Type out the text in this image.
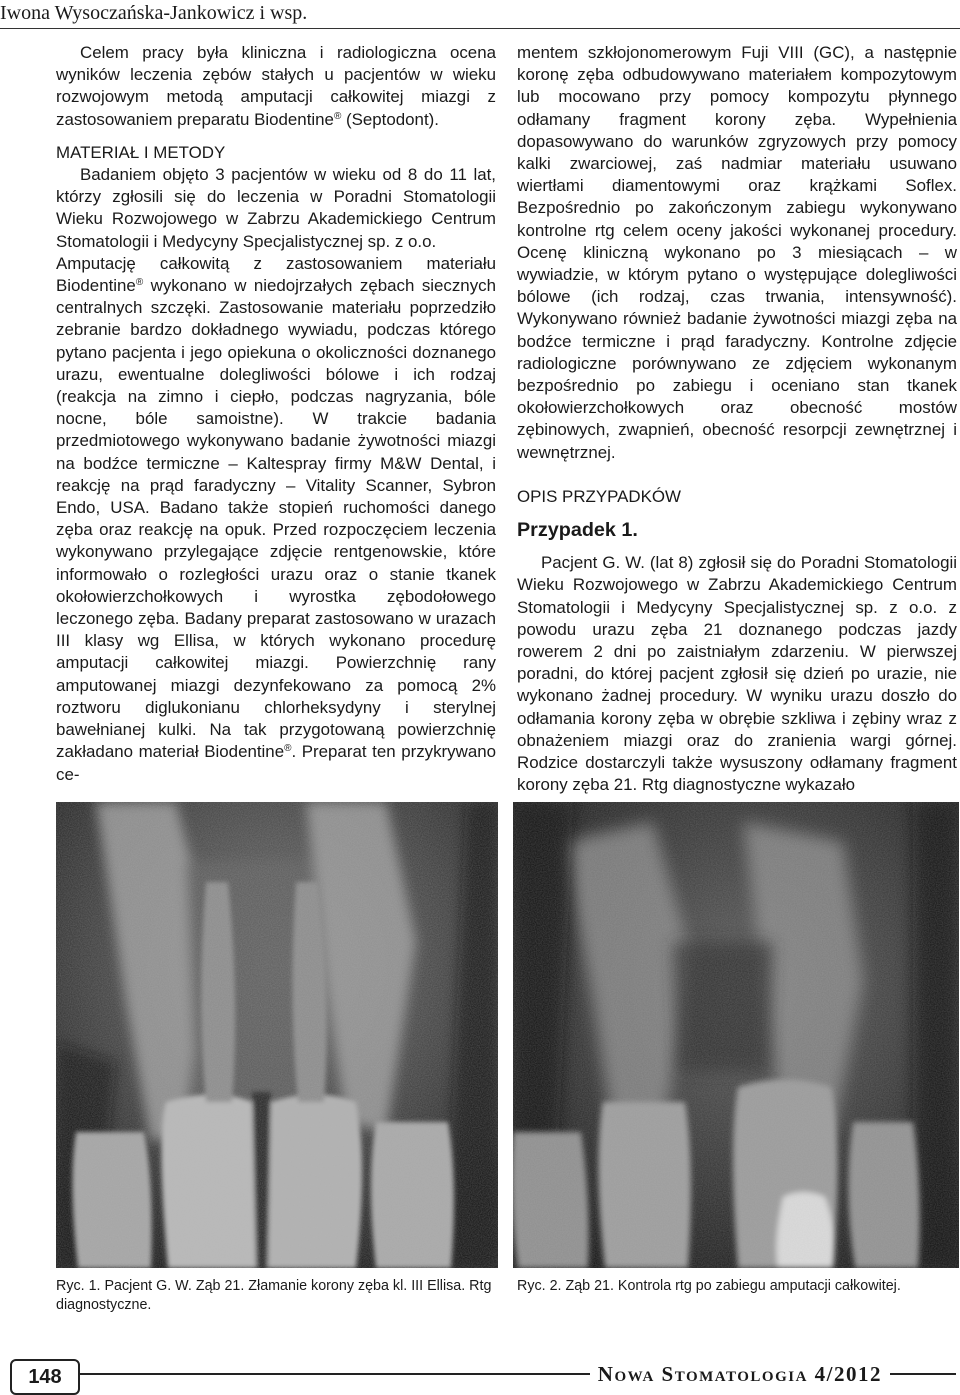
Iwona Wysoczańska-Jankowicz i wsp.

Celem pracy była kliniczna i radiologiczna ocena wyników leczenia zębów stałych u pacjentów w wieku rozwojowym metodą amputacji całkowitej miazgi z zastosowaniem preparatu Biodentine® (Septodont).

MATERIAŁ I METODY

Badaniem objęto 3 pacjentów w wieku od 8 do 11 lat, którzy zgłosili się do leczenia w Poradni Stomatologii Wieku Rozwojowego w Zabrzu Akademickiego Centrum Stomatologii i Medycyny Specjalistycznej sp. z o.o.

Amputację całkowitą z zastosowaniem materiału Biodentine® wykonano w niedojrzałych zębach siecznych centralnych szczęki. Zastosowanie materiału poprzedziło zebranie bardzo dokładnego wywiadu, podczas którego pytano pacjenta i jego opiekuna o okoliczności doznanego urazu, ewentualne dolegliwości bólowe i ich rodzaj (reakcja na zimno i ciepło, podczas nagryzania, bóle nocne, bóle samoistne). W trakcie badania przedmiotowego wykonywano badanie żywotności miazgi na bodźce termiczne – Kaltespray firmy M&W Dental, i reakcję na prąd faradyczny – Vitality Scanner, Sybron Endo, USA. Badano także stopień ruchomości danego zęba oraz reakcję na opuk. Przed rozpoczęciem leczenia wykonywano przylegające zdjęcie rentgenowskie, które informowało o rozległości urazu oraz o stanie tkanek okołowierzchołkowych i wyrostka zębodołowego leczonego zęba. Badany preparat zastosowano w urazach III klasy wg Ellisa, w których wykonano procedurę amputacji całkowitej miazgi. Powierzchnię rany amputowanej miazgi dezynfekowano za pomocą 2% roztworu diglukonianu chlorheksydyny i sterylnej bawełnianej kulki. Na tak przygotowaną powierzchnię zakładano materiał Biodentine®. Preparat ten przykrywano ce-

mentem szkłojonomerowym Fuji VIII (GC), a następnie koronę zęba odbudowywano materiałem kompozytowym lub mocowano przy pomocy kompozytu płynnego odłamany fragment korony zęba. Wypełnienia dopasowywano do warunków zgryzowych przy pomocy kalki zwarciowej, zaś nadmiar materiału usuwano wiertłami diamentowymi oraz krążkami Soflex. Bezpośrednio po zakończonym zabiegu wykonywano kontrolne rtg celem oceny jakości wykonanej procedury. Ocenę kliniczną wykonano po 3 miesiącach – w wywiadzie, w którym pytano o występujące dolegliwości bólowe (ich rodzaj, czas trwania, intensywność). Wykonywano również badanie żywotności miazgi zęba na bodźce termiczne i prąd faradyczny. Kontrolne zdjęcie radiologiczne porównywano ze zdjęciem wykonanym bezpośrednio po zabiegu i oceniano stan tkanek okołowierzchołkowych oraz obecność mostów zębinowych, zwapnień, obecność resorpcji zewnętrznej i wewnętrznej.

OPIS PRZYPADKÓW
Przypadek 1.

Pacjent G. W. (lat 8) zgłosił się do Poradni Stomatologii Wieku Rozwojowego w Zabrzu Akademickiego Centrum Stomatologii i Medycyny Specjalistycznej sp. z o.o. z powodu urazu zęba 21 doznanego podczas jazdy rowerem 2 dni po zaistniałym zdarzeniu. W pierwszej poradni, do której pacjent zgłosił się dzień po urazie, nie wykonano żadnej procedury. W wyniku urazu doszło do odłamania korony zęba w obrębie szkliwa i zębiny wraz z obnażeniem miazgi oraz do zranienia wargi górnej. Rodzice dostarczyli także wysuszony odłamany fragment korony zęba 21. Rtg diagnostyczne wykazało

Ryc. 1. Pacjent G. W. Ząb 21. Złamanie korony zęba kl. III Ellisa. Rtg diagnostyczne.
Ryc. 2. Ząb 21. Kontrola rtg po zabiegu amputacji całkowitej.
148	Nowa Stomatologia 4/2012
